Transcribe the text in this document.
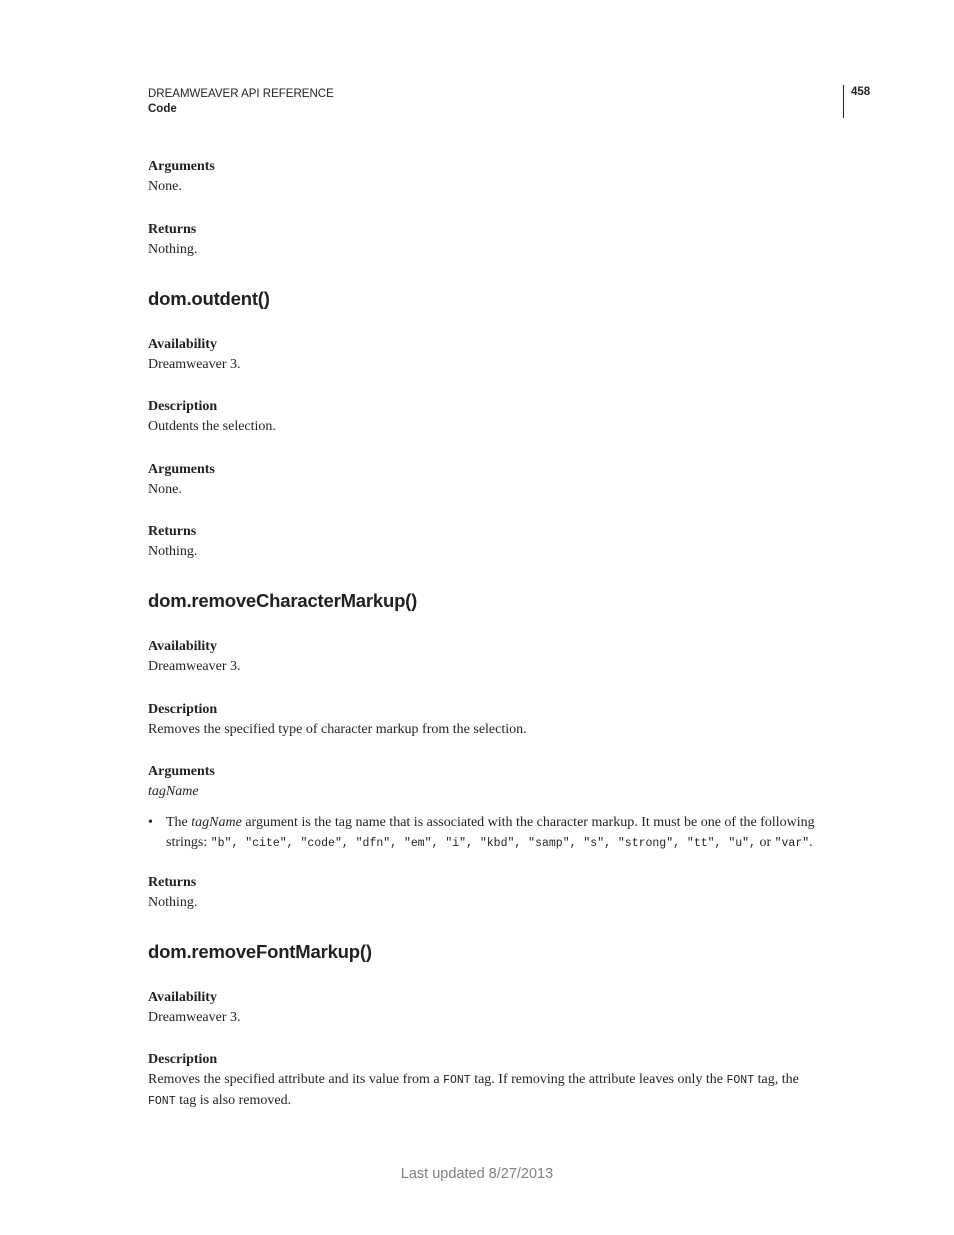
DREAMWEAVER API REFERENCE
Code
458
Arguments
None.
Returns
Nothing.
dom.outdent()
Availability
Dreamweaver 3.
Description
Outdents the selection.
Arguments
None.
Returns
Nothing.
dom.removeCharacterMarkup()
Availability
Dreamweaver 3.
Description
Removes the specified type of character markup from the selection.
Arguments
tagName
• The tagName argument is the tag name that is associated with the character markup. It must be one of the following strings: "b", "cite", "code", "dfn", "em", "i", "kbd", "samp", "s", "strong", "tt", "u", or "var".
Returns
Nothing.
dom.removeFontMarkup()
Availability
Dreamweaver 3.
Description
Removes the specified attribute and its value from a FONT tag. If removing the attribute leaves only the FONT tag, the
FONT tag is also removed.
Last updated 8/27/2013
